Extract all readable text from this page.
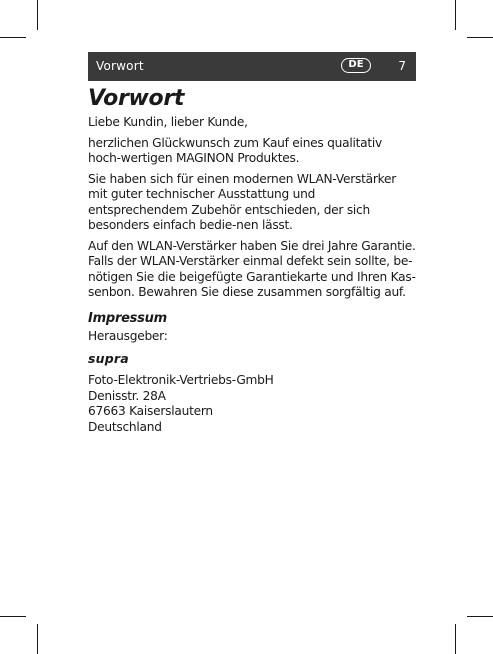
Vorwort	DE	7
Vorwort

Liebe Kundin, lieber Kunde,

herzlichen Glückwunsch zum Kauf eines qualitativ hoch-wertigen MAGINON Produktes.

Sie haben sich für einen modernen WLAN-Verstärker mit guter technischer Ausstattung und entsprechendem Zubehör entschieden, der sich besonders einfach bedie-nen lässt.

Auf den WLAN-Verstärker haben Sie drei Jahre Garantie. Falls der WLAN-Verstärker einmal defekt sein sollte, be-nötigen Sie die beigefügte Garantiekarte und Ihren Kas-senbon. Bewahren Sie diese zusammen sorgfältig auf.

Impressum
Herausgeber:
supra
Foto-Elektronik-Vertriebs-GmbH
Denisstr. 28A
67663 Kaiserslautern
Deutschland
